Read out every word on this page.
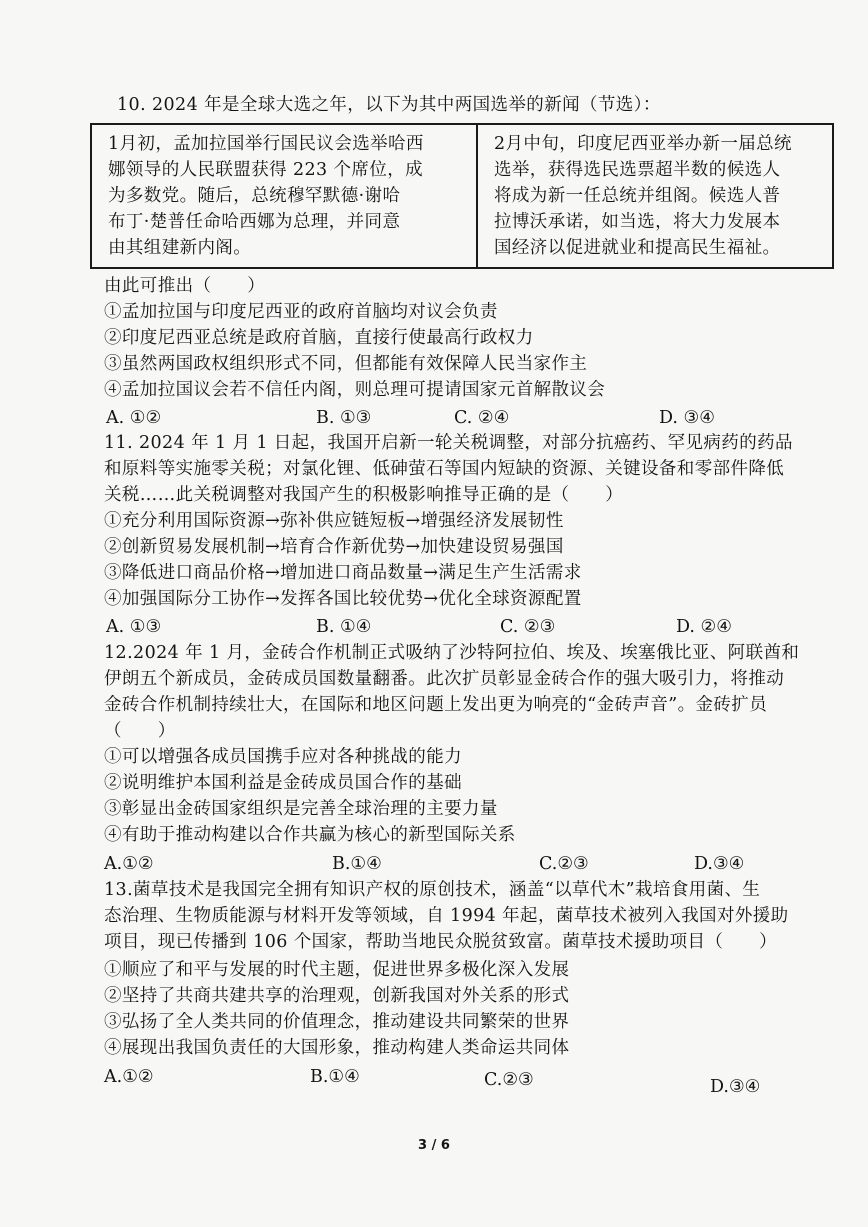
10. 2024 年是全球大选之年，以下为其中两国选举的新闻（节选）：
1月初，孟加拉国举行国民议会选举哈西
娜领导的人民联盟获得 223 个席位，成
为多数党。随后，总统穆罕默德·谢哈
布丁·楚普任命哈西娜为总理，并同意
由其组建新内阁。
2月中旬，印度尼西亚举办新一届总统
选举，获得选民选票超半数的候选人
将成为新一任总统并组阁。候选人普
拉博沃承诺，如当选，将大力发展本
国经济以促进就业和提高民生福祉。
由此可推出（　　）
①孟加拉国与印度尼西亚的政府首脑均对议会负责
②印度尼西亚总统是政府首脑，直接行使最高行政权力
③虽然两国政权组织形式不同，但都能有效保障人民当家作主
④孟加拉国议会若不信任内阁，则总理可提请国家元首解散议会
A. ①②	B. ①③	C. ②④	D. ③④
11. 2024 年 1 月 1 日起，我国开启新一轮关税调整，对部分抗癌药、罕见病药的药品
和原料等实施零关税；对氯化锂、低砷萤石等国内短缺的资源、关键设备和零部件降低
关税……此关税调整对我国产生的积极影响推导正确的是（　　）
①充分利用国际资源→弥补供应链短板→增强经济发展韧性
②创新贸易发展机制→培育合作新优势→加快建设贸易强国
③降低进口商品价格→增加进口商品数量→满足生产生活需求
④加强国际分工协作→发挥各国比较优势→优化全球资源配置
A. ①③	B. ①④	C. ②③	D. ②④
12.2024 年 1 月，金砖合作机制正式吸纳了沙特阿拉伯、埃及、埃塞俄比亚、阿联酋和
伊朗五个新成员，金砖成员国数量翻番。此次扩员彰显金砖合作的强大吸引力，将推动
金砖合作机制持续壮大，在国际和地区问题上发出更为响亮的“金砖声音”。金砖扩员
（　　）
①可以增强各成员国携手应对各种挑战的能力
②说明维护本国利益是金砖成员国合作的基础
③彰显出金砖国家组织是完善全球治理的主要力量
④有助于推动构建以合作共赢为核心的新型国际关系
A.①②	B.①④	C.②③	D.③④
13.菌草技术是我国完全拥有知识产权的原创技术，涵盖“以草代木”栽培食用菌、生
态治理、生物质能源与材料开发等领域，自 1994 年起，菌草技术被列入我国对外援助
项目，现已传播到 106 个国家，帮助当地民众脱贫致富。菌草技术援助项目（　　）
①顺应了和平与发展的时代主题，促进世界多极化深入发展
②坚持了共商共建共享的治理观，创新我国对外关系的形式
③弘扬了全人类共同的价值理念，推动建设共同繁荣的世界
④展现出我国负责任的大国形象，推动构建人类命运共同体
A.①②	B.①④	C.②③	D.③④
3 / 6
